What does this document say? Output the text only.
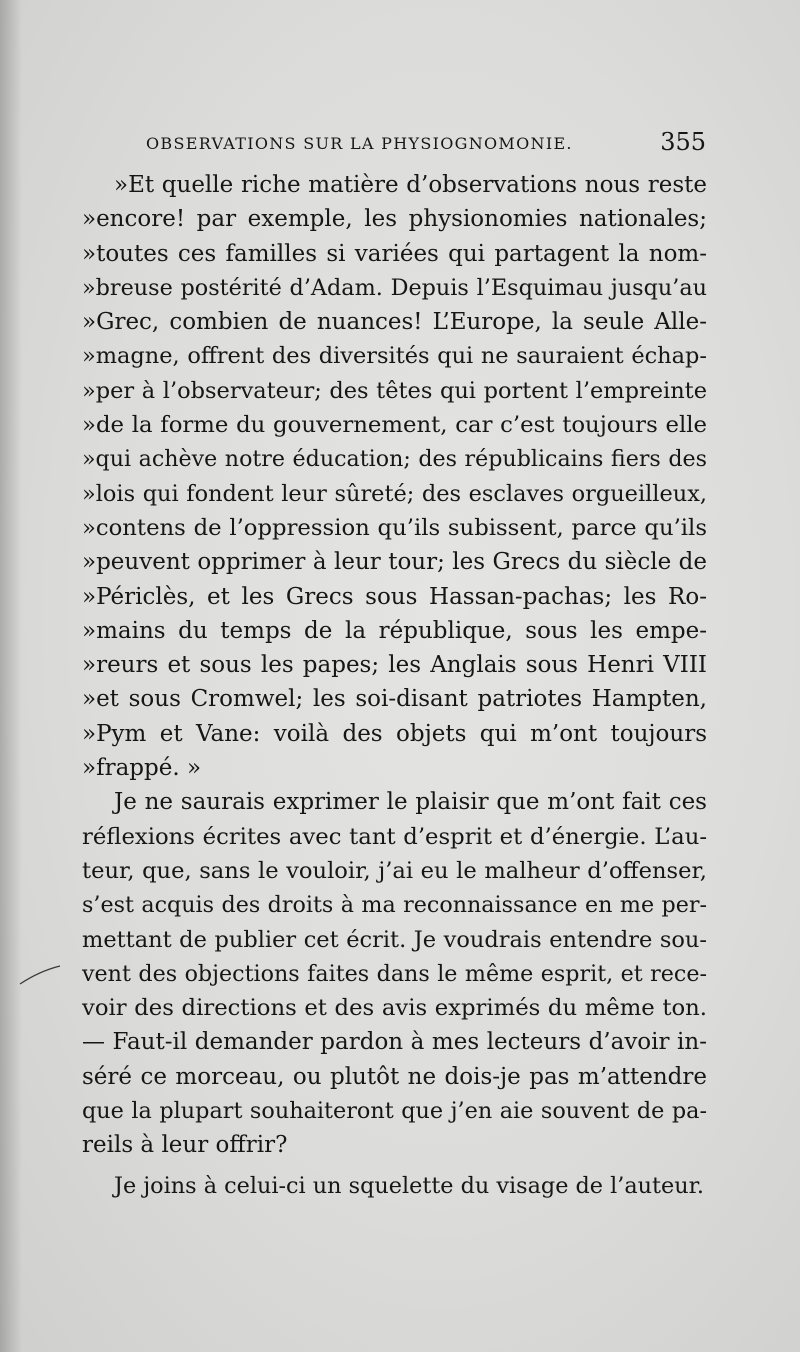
OBSERVATIONS SUR LA PHYSIOGNOMONIE.	355
»Et quelle riche matière d’observations nous reste
»encore! par exemple, les physionomies nationales;
»toutes ces familles si variées qui partagent la nom-
»breuse postérité d’Adam. Depuis l’Esquimau jusqu’au
»Grec, combien de nuances! L’Europe, la seule Alle-
»magne, offrent des diversités qui ne sauraient échap-
»per à l’observateur; des têtes qui portent l’empreinte
»de la forme du gouvernement, car c’est toujours elle
»qui achève notre éducation; des républicains fiers des
»lois qui fondent leur sûreté; des esclaves orgueilleux,
»contens de l’oppression qu’ils subissent, parce qu’ils
»peuvent opprimer à leur tour; les Grecs du siècle de
»Périclès, et les Grecs sous Hassan-pachas; les Ro-
»mains du temps de la république, sous les empe-
»reurs et sous les papes; les Anglais sous Henri VIII
»et sous Cromwel; les soi-disant patriotes Hampten,
»Pym et Vane: voilà des objets qui m’ont toujours
»frappé. »
Je ne saurais exprimer le plaisir que m’ont fait ces
réflexions écrites avec tant d’esprit et d’énergie. L’au-
teur, que, sans le vouloir, j’ai eu le malheur d’offenser,
s’est acquis des droits à ma reconnaissance en me per-
mettant de publier cet écrit. Je voudrais entendre sou-
vent des objections faites dans le même esprit, et rece-
voir des directions et des avis exprimés du même ton.
— Faut-il demander pardon à mes lecteurs d’avoir in-
séré ce morceau, ou plutôt ne dois-je pas m’attendre
que la plupart souhaiteront que j’en aie souvent de pa-
reils à leur offrir?
Je joins à celui-ci un squelette du visage de l’auteur.
